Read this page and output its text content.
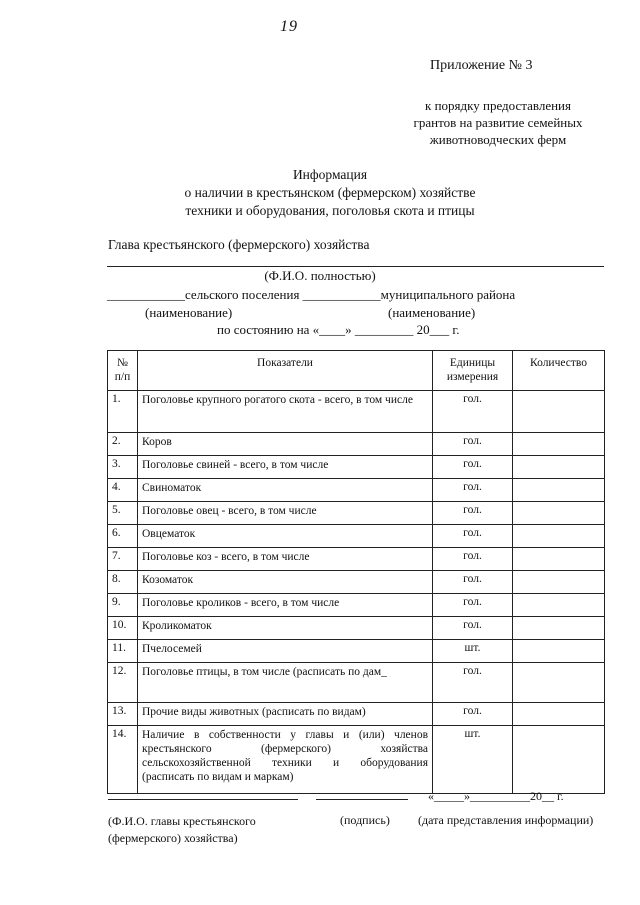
19
Приложение № 3
к порядку предоставления
грантов на развитие семейных
животноводческих ферм
Информация
о наличии в крестьянском (фермерском) хозяйстве
техники и оборудования, поголовья скота и птицы
Глава крестьянского (фермерского) хозяйства
(Ф.И.О. полностью)
____________сельского поселения ____________муниципального района
(наименование)	(наименование)
по состоянию на «____» _________ 20___ г.
№ п/п	Показатели	Единицы измерения	Количество
1.	Поголовье крупного рогатого скота - всего, в том числе	гол.	
2.	Коров	гол.	
3.	Поголовье свиней - всего, в том числе	гол.	
4.	Свиноматок	гол.	
5.	Поголовье овец - всего, в том числе	гол.	
6.	Овцематок	гол.	
7.	Поголовье коз - всего, в том числе	гол.	
8.	Козоматок	гол.	
9.	Поголовье кроликов - всего, в том числе	гол.	
10.	Кроликоматок	гол.	
11.	Пчелосемей	шт.	
12.	Поголовье птицы, в том числе (расписать по дам_	гол.	
13.	Прочие виды животных (расписать по видам)	гол.	
14.	Наличие в собственности у главы и (или) членов крестьянского (фермерского) хозяйства сельскохозяйственной техники и оборудования (расписать по видам и маркам)	шт.	
«_____»__________20__ г.
(Ф.И.О. главы крестьянского (фермерского) хозяйства)
(подпись) (дата представления информации)
